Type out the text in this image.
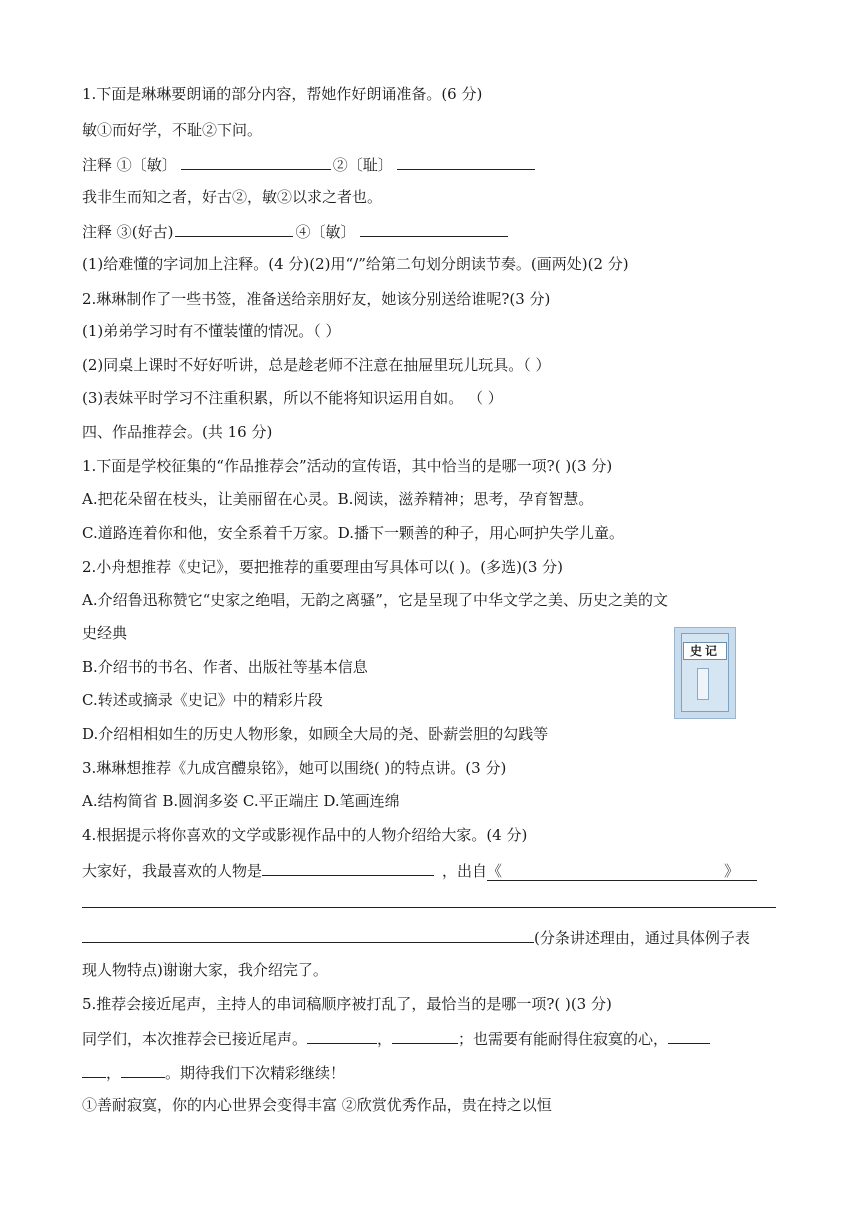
1.下面是琳琳要朗诵的部分内容，帮她作好朗诵准备。(6 分)
敏①而好学，不耻②下问。
注释 ①〔敏〕	②〔耻〕
我非生而知之者，好古②，敏②以求之者也。
注释 ③(好古)	④〔敏〕
(1)给难懂的字词加上注释。(4 分)(2)用“/”给第二句划分朗读节奏。(画两处)(2 分)
2.琳琳制作了一些书签，准备送给亲朋好友，她该分别送给谁呢?(3 分)
(1)弟弟学习时有不懂装懂的情况。（ ）
(2)同桌上课时不好好听讲，总是趁老师不注意在抽屉里玩儿玩具。（ ）
(3)表妹平时学习不注重积累，所以不能将知识运用自如。 （ ）
四、作品推荐会。(共 16 分)
1.下面是学校征集的“作品推荐会”活动的宣传语，其中恰当的是哪一项?( )(3 分)
A.把花朵留在枝头，让美丽留在心灵。B.阅读，滋养精神；思考，孕育智慧。
C.道路连着你和他，安全系着千万家。D.播下一颗善的种子，用心呵护失学儿童。
2.小舟想推荐《史记》，要把推荐的重要理由写具体可以( )。(多选)(3 分)
A.介绍鲁迅称赞它“史家之绝唱，无韵之离骚”，它是呈现了中华文学之美、历史之美的文
史经典
B.介绍书的书名、作者、出版社等基本信息
C.转述或摘录《史记》中的精彩片段
D.介绍相相如生的历史人物形象，如顾全大局的尧、卧薪尝胆的勾践等
史记
3.琳琳想推荐《九成宫醴泉铭》，她可以围绕( )的特点讲。(3 分)
A.结构简省 B.圆润多姿 C.平正端庄 D.笔画连绵
4.根据提示将你喜欢的文学或影视作品中的人物介绍给大家。(4 分)
大家好，我最喜欢的人物是	，出自《	》
(分条讲述理由，通过具体例子表
现人物特点)谢谢大家，我介绍完了。
5.推荐会接近尾声，主持人的串词稿顺序被打乱了，最恰当的是哪一项?( )(3 分)
同学们，本次推荐会已接近尾声。	，	；也需要有能耐得住寂寞的心，
，	。期待我们下次精彩继续！
①善耐寂寞，你的内心世界会变得丰富 ②欣赏优秀作品，贵在持之以恒
